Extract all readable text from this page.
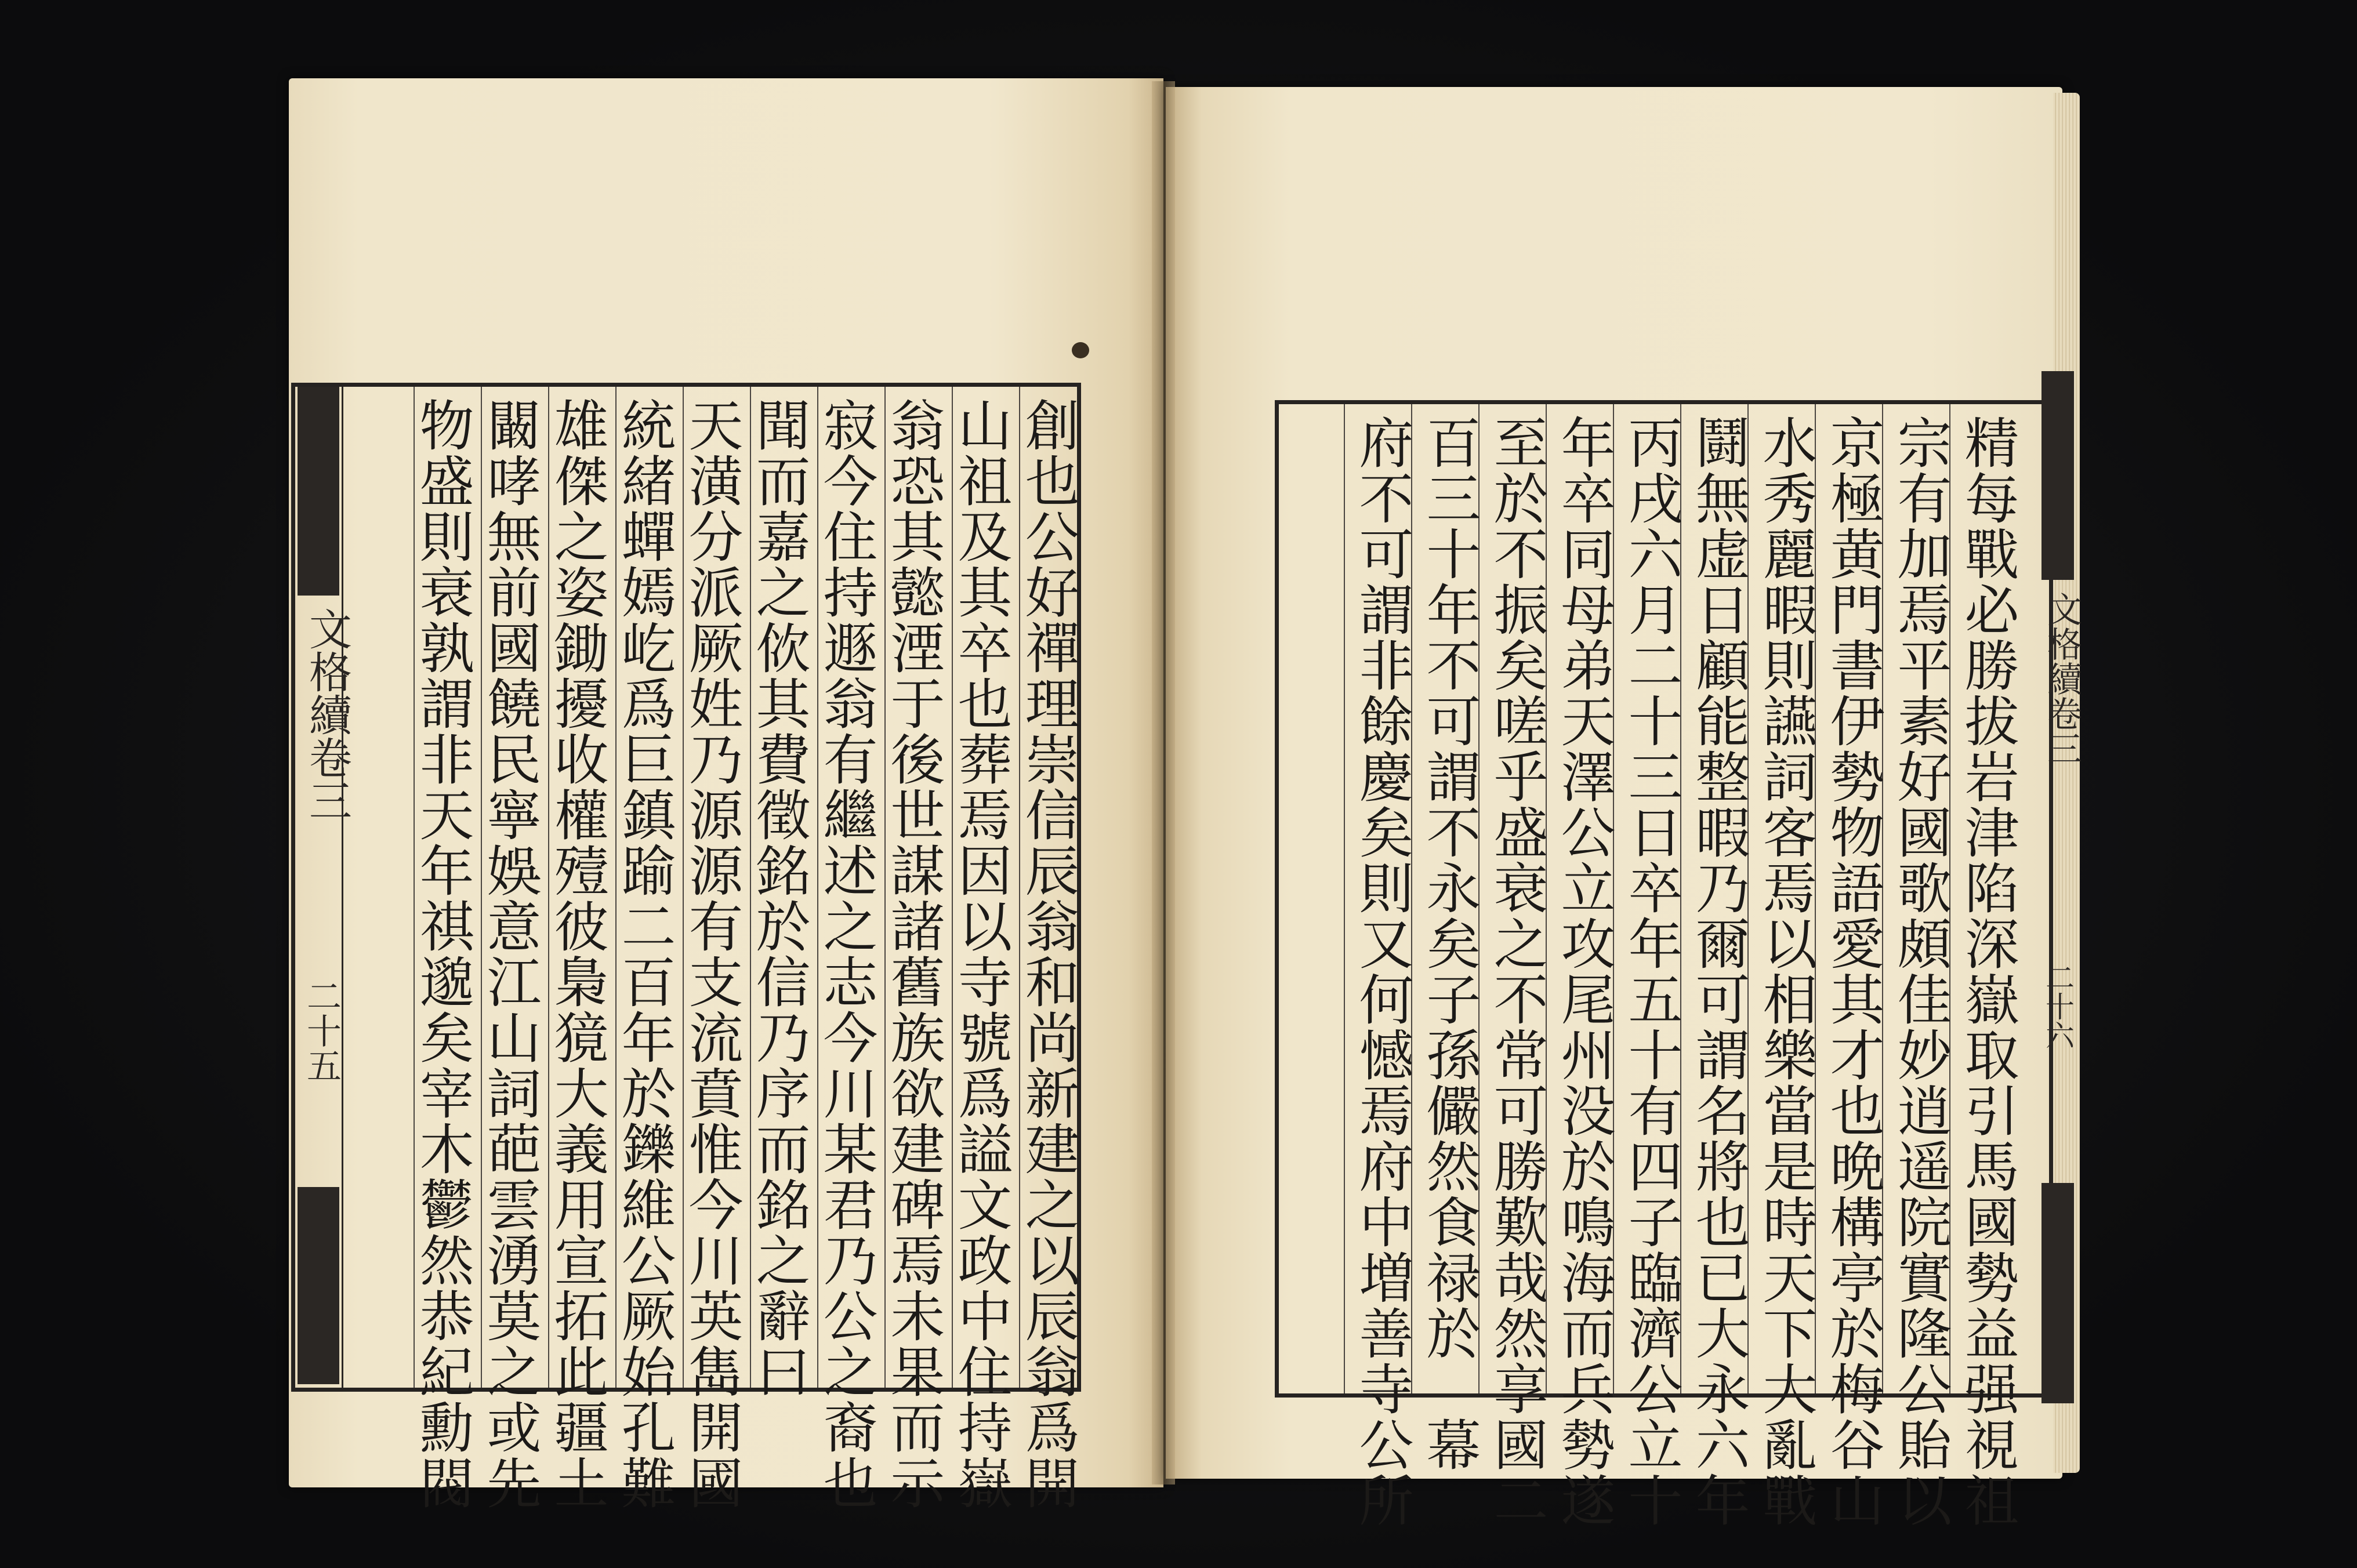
文格續卷三
二十五	創也公好禪理崇信辰翁和尚新建之以辰翁爲開
山祖及其卒也葬焉因以寺號爲謚文政中住持嶽
翁恐其懿湮于後世謀諸舊族欲建碑焉未果而示
寂今住持遯翁有繼述之志今川某君乃公之裔也
聞而嘉之佽其費徵銘於信乃序而銘之辭曰
天潢分派厥姓乃源源有支流賁惟今川英雋開國
統緒蟬嫣屹爲巨鎮踰二百年於鑠維公厥始孔難
雄傑之姿鋤擾收權殪彼梟獍大義用宣拓此疆土
闞哮無前國饒民寧娛意江山詞葩雲湧莫之或先
物盛則衰孰謂非天年祺邈矣宰木鬱然恭紀勳閥	精每戰必勝拔岩津陷深嶽取引馬國勢益强視祖
宗有加焉平素好國歌頗佳妙逍遥院實隆公貽以
京極黄門書伊勢物語愛其才也晩構亭於梅谷山
水秀麗暇則讌詞客焉以相樂當是時天下大亂戰
鬪無虚日顧能整暇乃爾可謂名將也已大永六年
丙戌六月二十三日卒年五十有四子臨濟公立十
年卒同母弟天澤公立攻尾州没於鳴海而兵勢遂
至於不振矣嗟乎盛衰之不常可勝歎哉然享國二
百三十年不可謂不永矣子孫儼然食禄於　幕
府不可謂非餘慶矣則又何憾焉府中増善寺公所	文格續卷三
二十六
